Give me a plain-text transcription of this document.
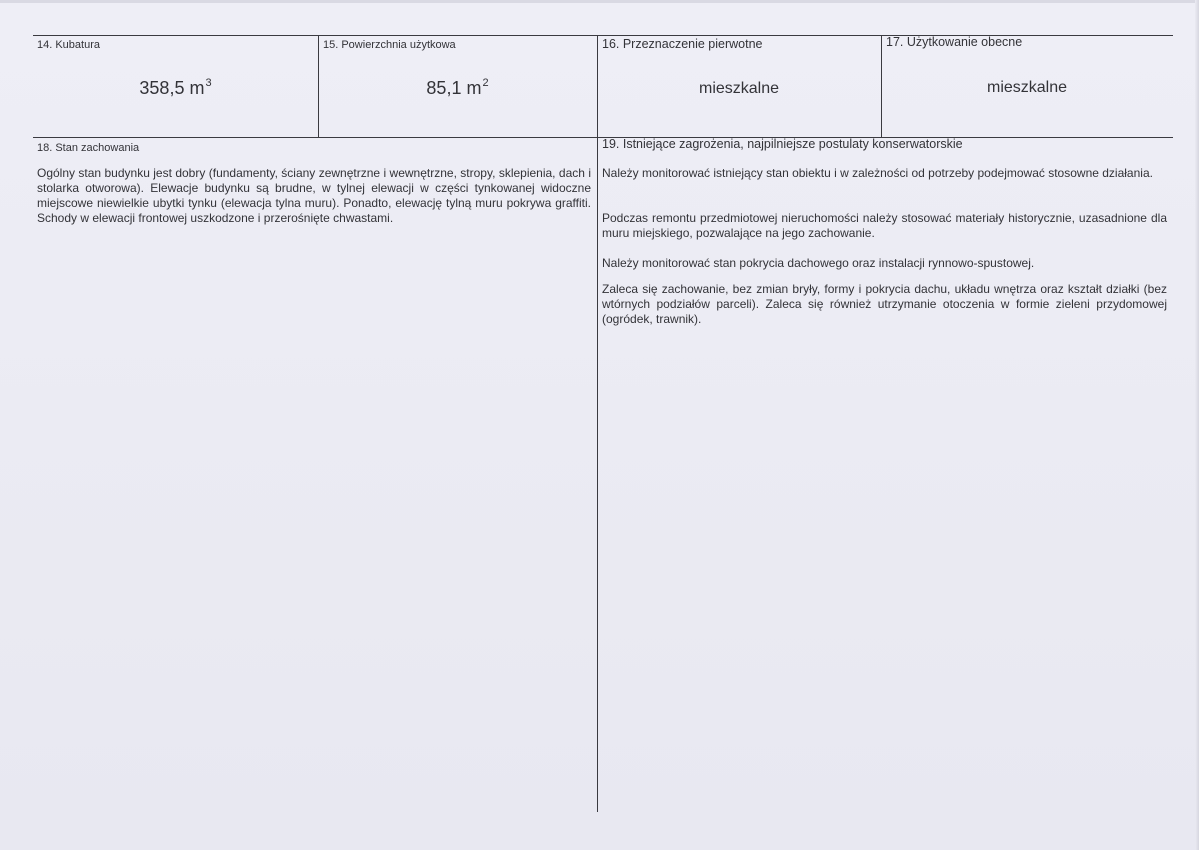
14. Kubatura
358,5 $m^3$
15. Powierzchnia użytkowa
85,1 $m^2$
16. Przeznaczenie pierwotne
mieszkalne
17. Użytkowanie obecne
mieszkalne
18. Stan zachowania

Ogólny stan budynku jest dobry (fundamenty, ściany zewnętrzne i wewnętrzne, stropy, sklepienia, dach i stolarka otworowa). Elewacje budynku są brudne, w tylnej elewacji w części tynkowanej widoczne miejscowe niewielkie ubytki tynku (elewacja tylna muru). Ponadto, elewację tylną muru pokrywa graffiti. Schody w elewacji frontowej uszkodzone i przerośnięte chwastami.

19. Istniejące zagrożenia, najpilniejsze postulaty konserwatorskie

Należy monitorować istniejący stan obiektu i w zależności od potrzeby podejmować stosowne działania.

Podczas remontu przedmiotowej nieruchomości należy stosować materiały historycznie, uzasadnione dla muru miejskiego, pozwalające na jego zachowanie.

Należy monitorować stan pokrycia dachowego oraz instalacji rynnowo-spustowej.

Zaleca się zachowanie, bez zmian bryły, formy i pokrycia dachu, układu wnętrza oraz kształt działki (bez wtórnych podziałów parceli). Zaleca się również utrzymanie otoczenia w formie zieleni przydomowej (ogródek, trawnik).
